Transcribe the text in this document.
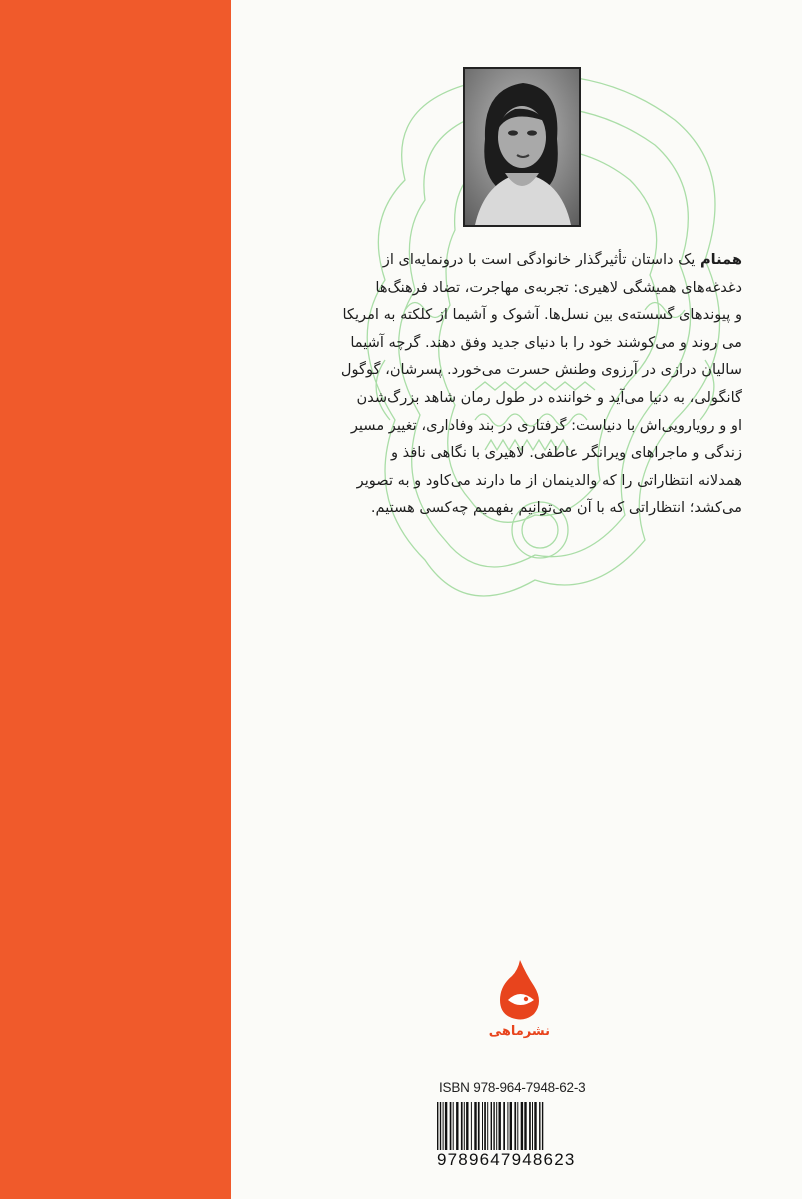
همنام یک داستان تأثیرگذار خانوادگی است با درونمایه‌ای از
دغدغه‌های همیشگی لاهیری: تجربه‌ی مهاجرت، تضاد فرهنگ‌ها
و پیوندهای گسسته‌ی بین نسل‌ها. آشوک و آشیما از کلکته به امریکا
می روند و می‌کوشند خود را با دنیای جدید وفق دهند. گرچه آشیما
سالیان درازی در آرزوی وطنش حسرت می‌خورد. پسرشان، گوگول
گانگولی، به دنیا می‌آید و خواننده در طول رمان شاهد بزرگ‌شدن
او و رویارویی‌اش با دنیاست: گرفتاری در بند وفاداری، تغییر مسیر
زندگی و ماجراهای ویرانگر عاطفی. لاهیری با نگاهی نافذ و
همدلانه انتظاراتی را که والدینمان از ما دارند می‌کاود و به تصویر
می‌کشد؛ انتظاراتی که با آن می‌توانیم بفهمیم چه‌کسی هستیم.
نشرماهی
ISBN 978-964-7948-62-3
9789647948623
